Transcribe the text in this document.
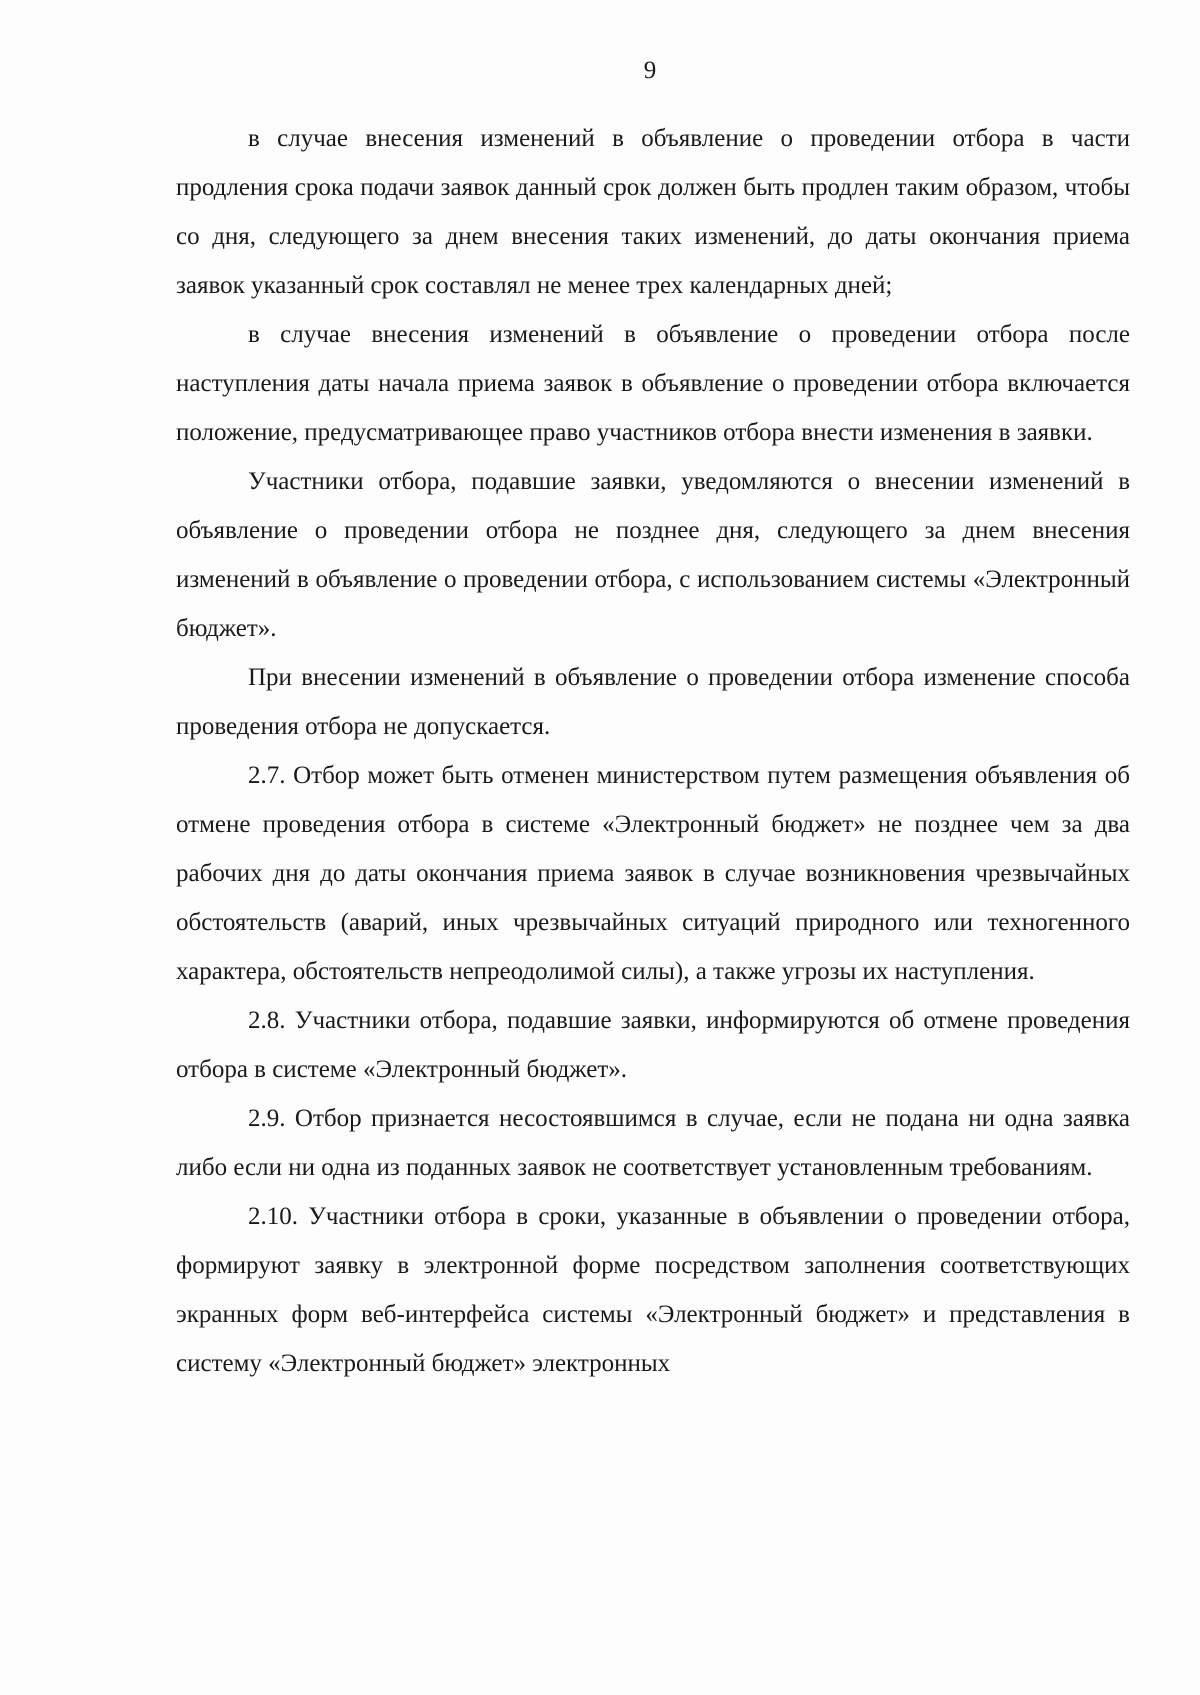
9

в случае внесения изменений в объявление о проведении отбора в части продления срока подачи заявок данный срок должен быть продлен таким образом, чтобы со дня, следующего за днем внесения таких изменений, до даты окончания приема заявок указанный срок составлял не менее трех календарных дней;

в случае внесения изменений в объявление о проведении отбора после наступления даты начала приема заявок в объявление о проведении отбора включается положение, предусматривающее право участников отбора внести изменения в заявки.

Участники отбора, подавшие заявки, уведомляются о внесении изменений в объявление о проведении отбора не позднее дня, следующего за днем внесения изменений в объявление о проведении отбора, с использованием системы «Электронный бюджет».

При внесении изменений в объявление о проведении отбора изменение способа проведения отбора не допускается.

2.7. Отбор может быть отменен министерством путем размещения объявления об отмене проведения отбора в системе «Электронный бюджет» не позднее чем за два рабочих дня до даты окончания приема заявок в случае возникновения чрезвычайных обстоятельств (аварий, иных чрезвычайных ситуаций природного или техногенного характера, обстоятельств непреодолимой силы), а также угрозы их наступления.

2.8. Участники отбора, подавшие заявки, информируются об отмене проведения отбора в системе «Электронный бюджет».

2.9. Отбор признается несостоявшимся в случае, если не подана ни одна заявка либо если ни одна из поданных заявок не соответствует установленным требованиям.

2.10. Участники отбора в сроки, указанные в объявлении о проведении отбора, формируют заявку в электронной форме посредством заполнения соответствующих экранных форм веб-интерфейса системы «Электронный бюджет» и представления в систему «Электронный бюджет» электронных
